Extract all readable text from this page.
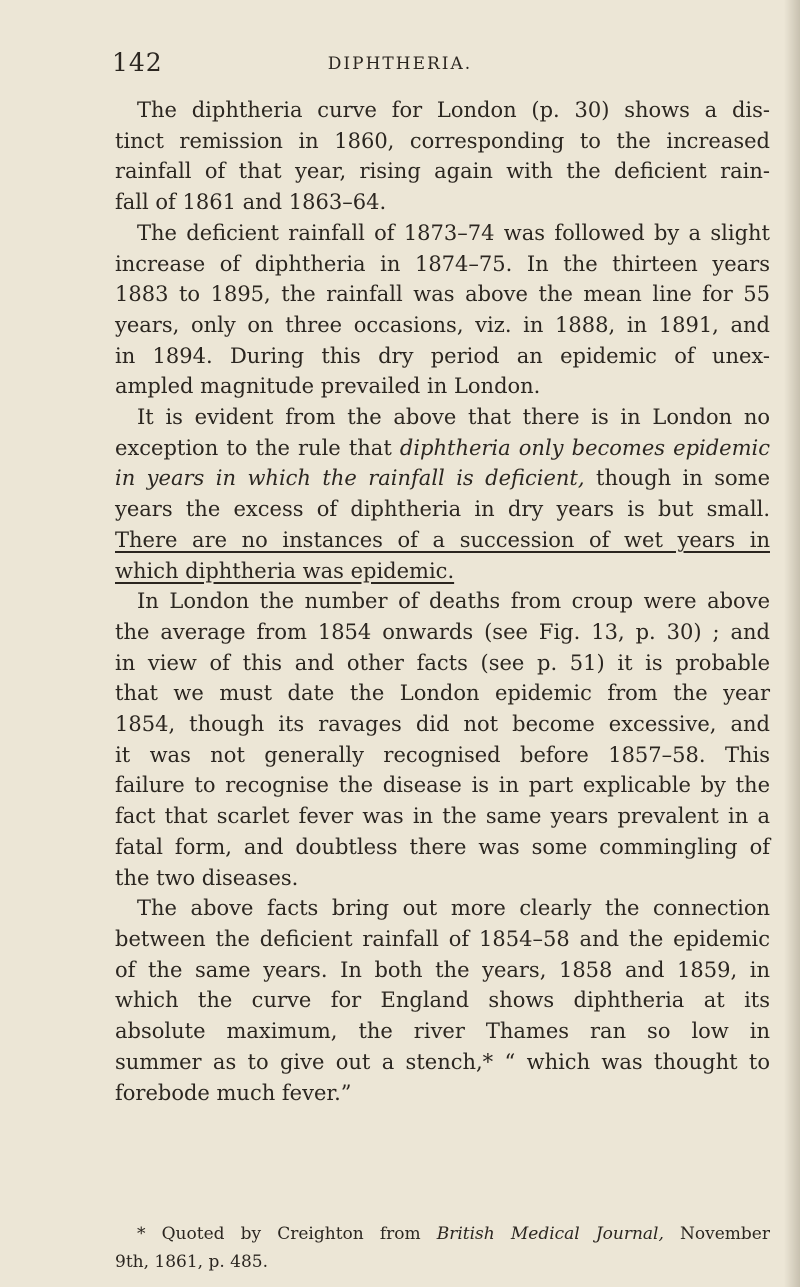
142	DIPHTHERIA.

The diphtheria curve for London (p. 30) shows a dis-
tinct remission in 1860, corresponding to the increased
rainfall of that year, rising again with the deficient rain-
fall of 1861 and 1863–64.

The deficient rainfall of 1873–74 was followed by a slight
increase of diphtheria in 1874–75. In the thirteen years
1883 to 1895, the rainfall was above the mean line for 55
years, only on three occasions, viz. in 1888, in 1891, and
in 1894. During this dry period an epidemic of unex-
ampled magnitude prevailed in London.

It is evident from the above that there is in London no
exception to the rule that diphtheria only becomes epidemic
in years in which the rainfall is deficient, though in some
years the excess of diphtheria in dry years is but small.
There are no instances of a succession of wet years in
which diphtheria was epidemic.

In London the number of deaths from croup were above
the average from 1854 onwards (see Fig. 13, p. 30) ; and
in view of this and other facts (see p. 51) it is probable
that we must date the London epidemic from the year
1854, though its ravages did not become excessive, and
it was not generally recognised before 1857–58. This
failure to recognise the disease is in part explicable by the
fact that scarlet fever was in the same years prevalent in a
fatal form, and doubtless there was some commingling of
the two diseases.

The above facts bring out more clearly the connection
between the deficient rainfall of 1854–58 and the epidemic
of the same years. In both the years, 1858 and 1859, in
which the curve for England shows diphtheria at its
absolute maximum, the river Thames ran so low in
summer as to give out a stench,* “ which was thought to
forebode much fever.”

* Quoted by Creighton from British Medical Journal, November
9th, 1861, p. 485.
